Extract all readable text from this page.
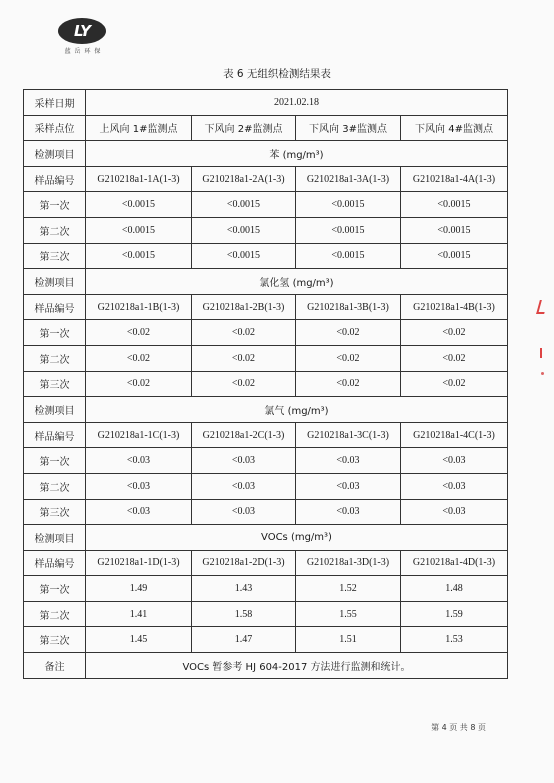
LY
蓝 岳 环 保
表 6 无组织检测结果表
采样日期	2021.02.18			
采样点位	上风向 1#监测点	下风向 2#监测点	下风向 3#监测点	下风向 4#监测点
检测项目	苯 (mg/m³)			
样品编号	G210218a1-1A(1-3)	G210218a1-2A(1-3)	G210218a1-3A(1-3)	G210218a1-4A(1-3)
第一次	<0.0015	<0.0015	<0.0015	<0.0015
第二次	<0.0015	<0.0015	<0.0015	<0.0015
第三次	<0.0015	<0.0015	<0.0015	<0.0015
检测项目	氯化氢 (mg/m³)			
样品编号	G210218a1-1B(1-3)	G210218a1-2B(1-3)	G210218a1-3B(1-3)	G210218a1-4B(1-3)
第一次	<0.02	<0.02	<0.02	<0.02
第二次	<0.02	<0.02	<0.02	<0.02
第三次	<0.02	<0.02	<0.02	<0.02
检测项目	氯气 (mg/m³)			
样品编号	G210218a1-1C(1-3)	G210218a1-2C(1-3)	G210218a1-3C(1-3)	G210218a1-4C(1-3)
第一次	<0.03	<0.03	<0.03	<0.03
第二次	<0.03	<0.03	<0.03	<0.03
第三次	<0.03	<0.03	<0.03	<0.03
检测项目	VOCs (mg/m³)			
样品编号	G210218a1-1D(1-3)	G210218a1-2D(1-3)	G210218a1-3D(1-3)	G210218a1-4D(1-3)
第一次	1.49	1.43	1.52	1.48
第二次	1.41	1.58	1.55	1.59
第三次	1.45	1.47	1.51	1.53
备注	VOCs 暂参考 HJ 604-2017 方法进行监测和统计。			
第 4 页 共 8 页
